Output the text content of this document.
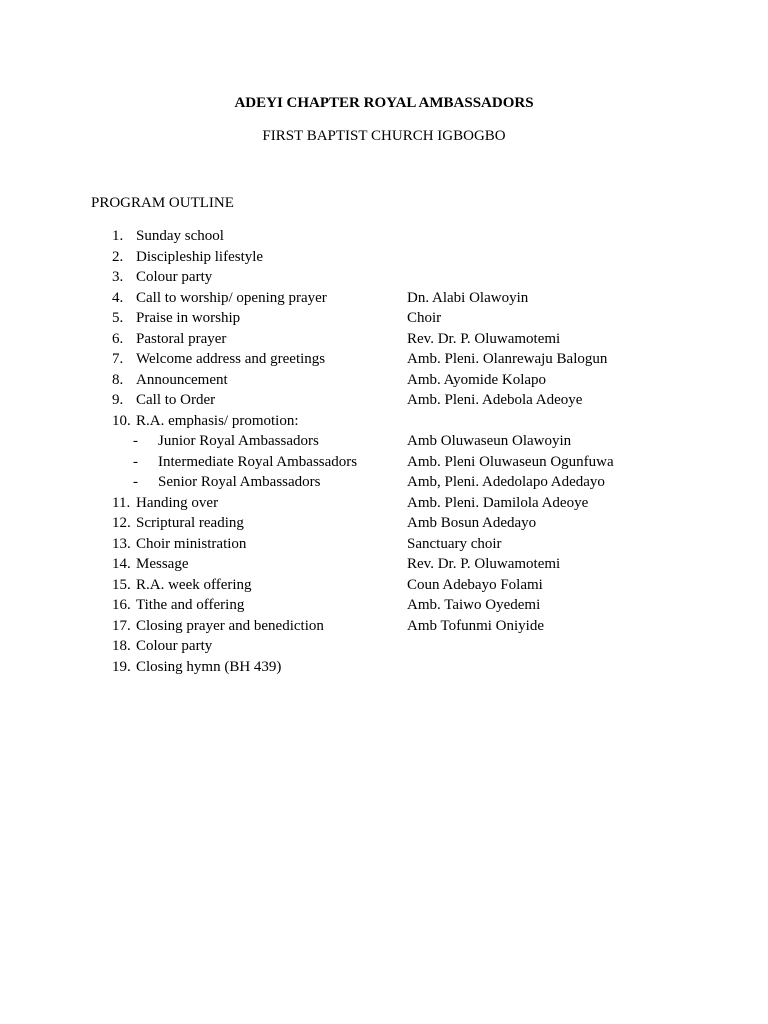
ADEYI CHAPTER ROYAL AMBASSADORS
FIRST BAPTIST CHURCH IGBOGBO
PROGRAM OUTLINE
1. Sunday school
2. Discipleship lifestyle
3. Colour party
4. Call to worship/ opening prayer	Dn. Alabi Olawoyin
5. Praise in worship	Choir
6. Pastoral prayer	Rev. Dr. P. Oluwamotemi
7. Welcome address and greetings	Amb. Pleni. Olanrewaju Balogun
8. Announcement	Amb. Ayomide Kolapo
9. Call to Order	Amb. Pleni. Adebola Adeoye
10. R.A. emphasis/ promotion:
- Junior Royal Ambassadors	Amb Oluwaseun Olawoyin
- Intermediate Royal Ambassadors	Amb. Pleni Oluwaseun Ogunfuwa
- Senior Royal Ambassadors	Amb, Pleni. Adedolapo Adedayo
11. Handing over	Amb. Pleni. Damilola Adeoye
12. Scriptural reading	Amb Bosun Adedayo
13. Choir ministration	Sanctuary choir
14. Message	Rev. Dr. P. Oluwamotemi
15. R.A. week offering	Coun Adebayo Folami
16. Tithe and offering	Amb. Taiwo Oyedemi
17. Closing prayer and benediction	Amb Tofunmi Oniyide
18. Colour party
19. Closing hymn (BH 439)
